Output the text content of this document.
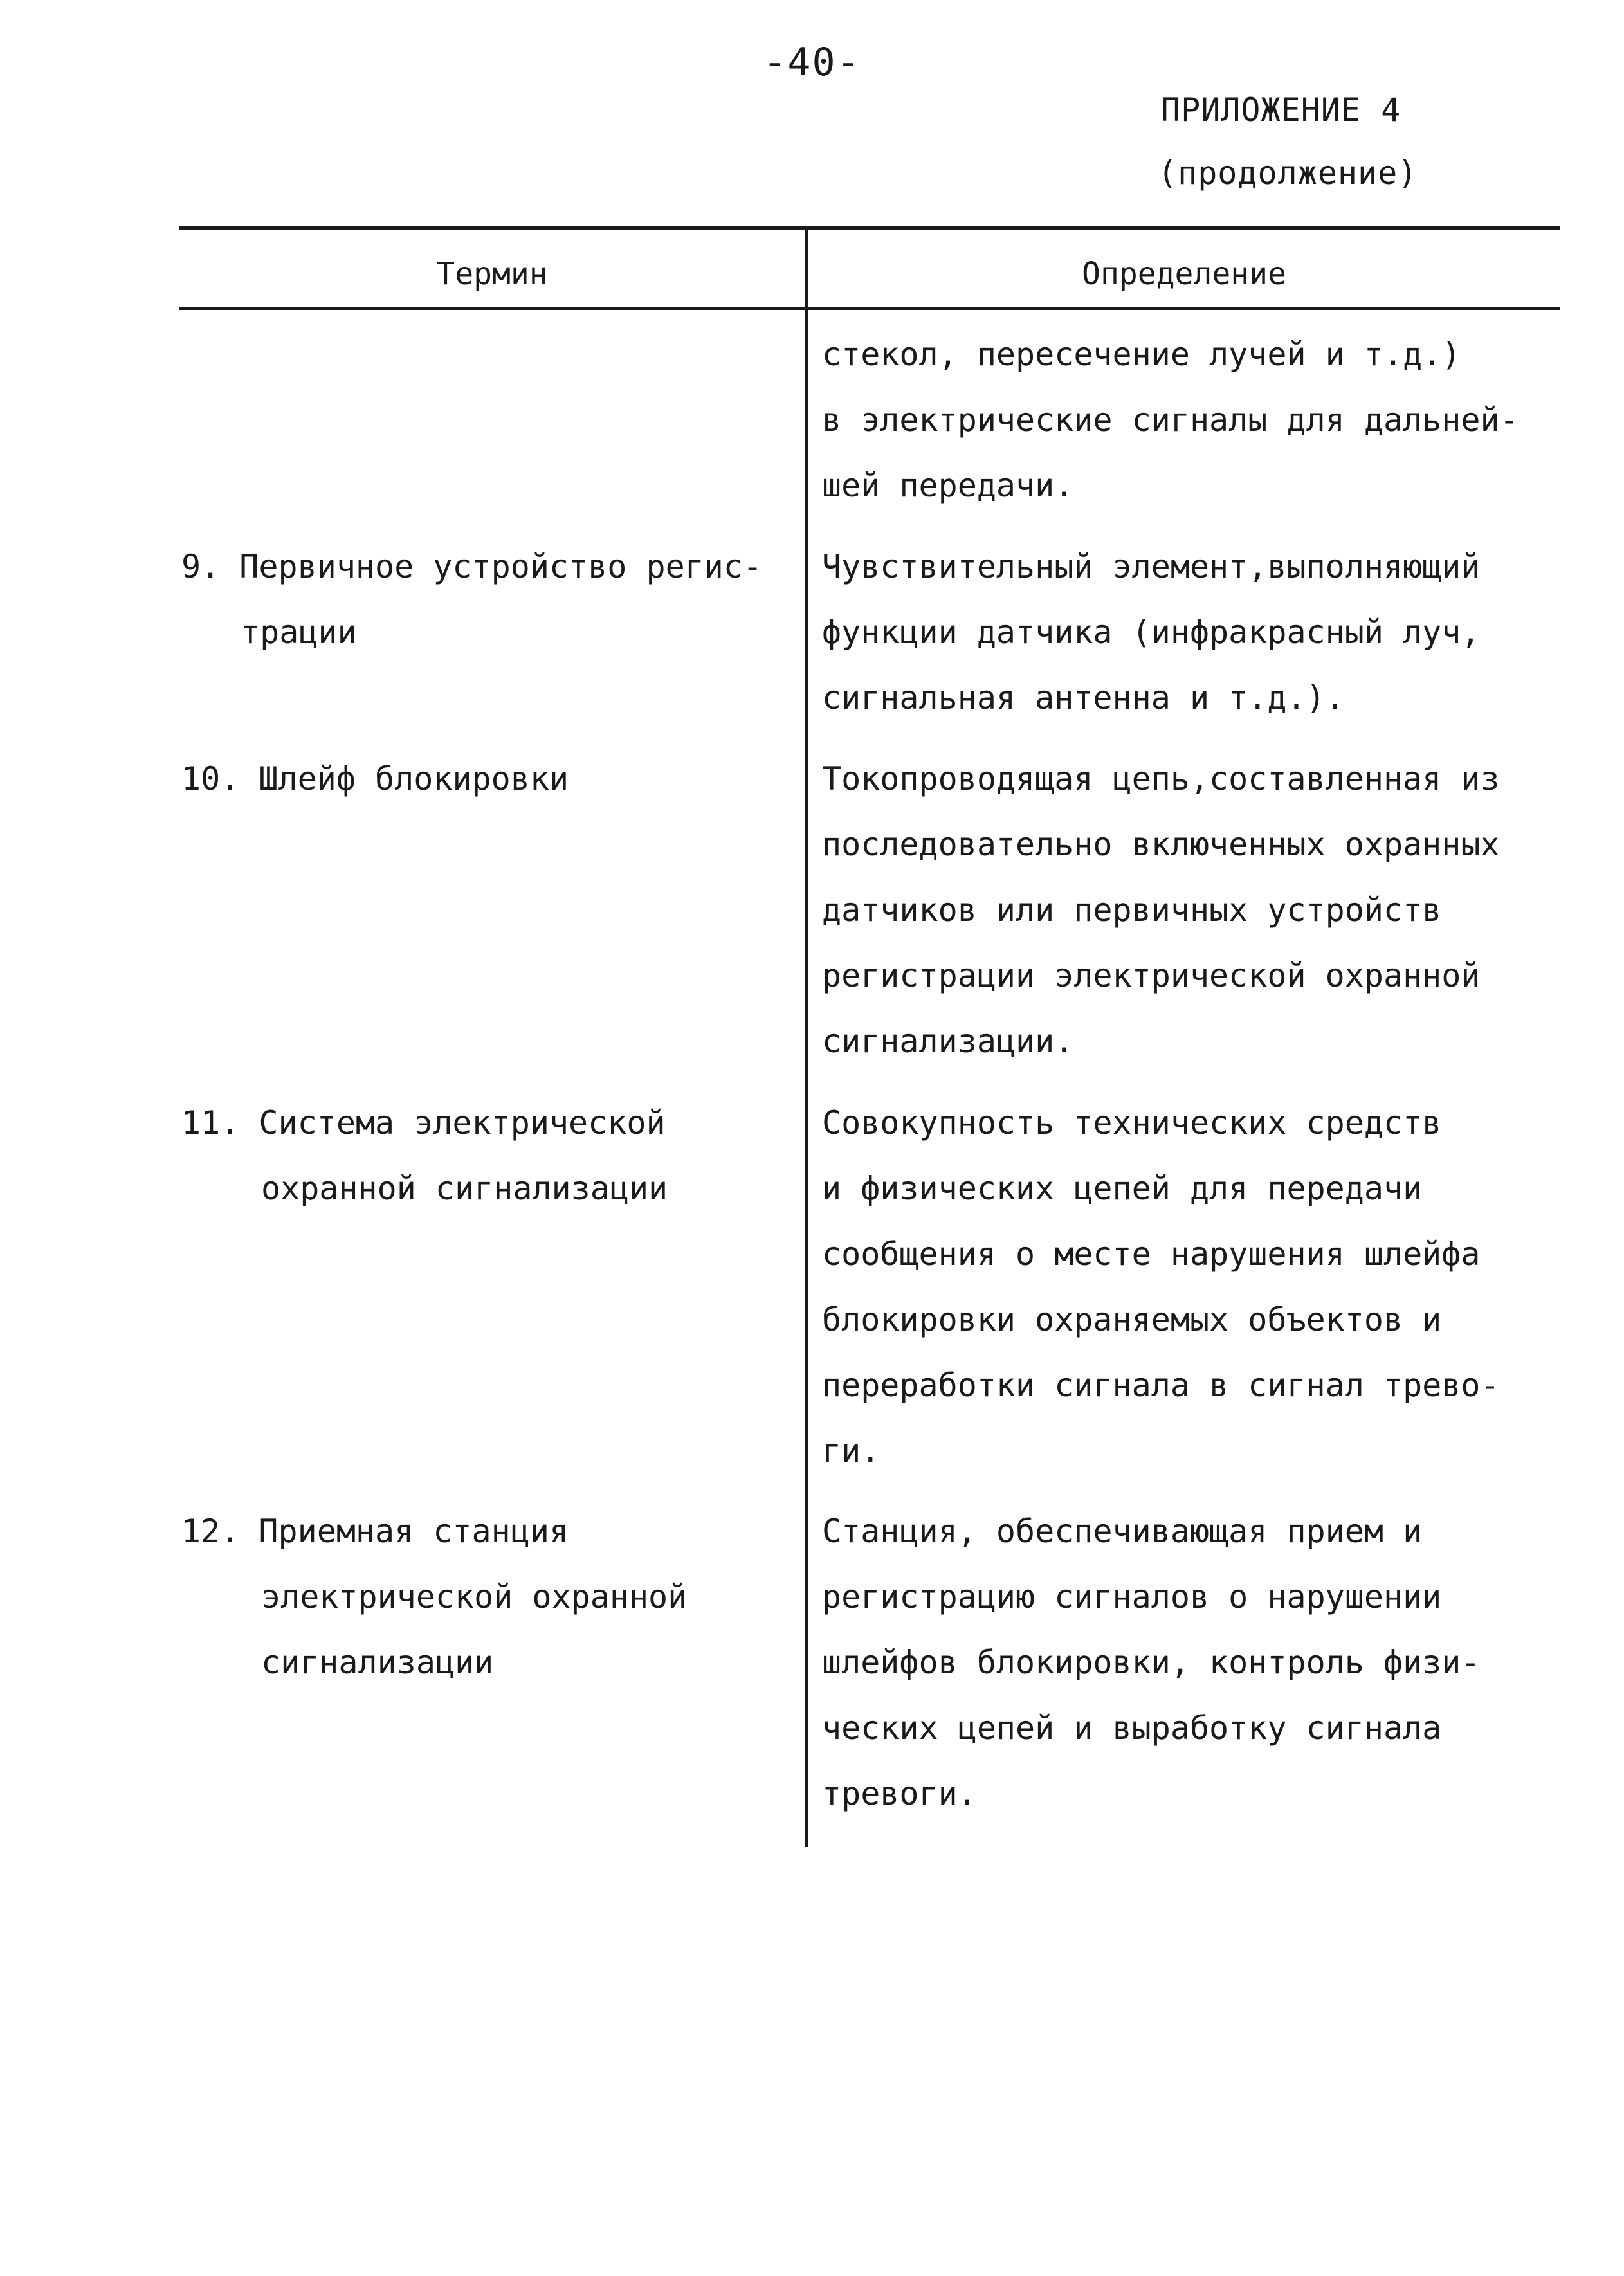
-40-
ПРИЛОЖЕНИЕ 4
(продолжение)
Термин	Определение
стекол, пересечение лучей и т.д.)
в электрические сигналы для дальней-
шей передачи.
9. Первичное устройство регис-
трации
Чувствительный элемент,выполняющий
функции датчика (инфракрасный луч,
сигнальная антенна и т.д.).
10. Шлейф блокировки	Токопроводящая цепь,составленная из
последовательно включенных охранных
датчиков или первичных устройств
регистрации электрической охранной
сигнализации.
11. Система электрической
охранной сигнализации
Совокупность технических средств
и физических цепей для передачи
сообщения о месте нарушения шлейфа
блокировки охраняемых объектов и
переработки сигнала в сигнал трево-
ги.
12. Приемная станция
электрической охранной
сигнализации
Станция, обеспечивающая прием и
регистрацию сигналов о нарушении
шлейфов блокировки, контроль физи-
ческих цепей и выработку сигнала
тревоги.
